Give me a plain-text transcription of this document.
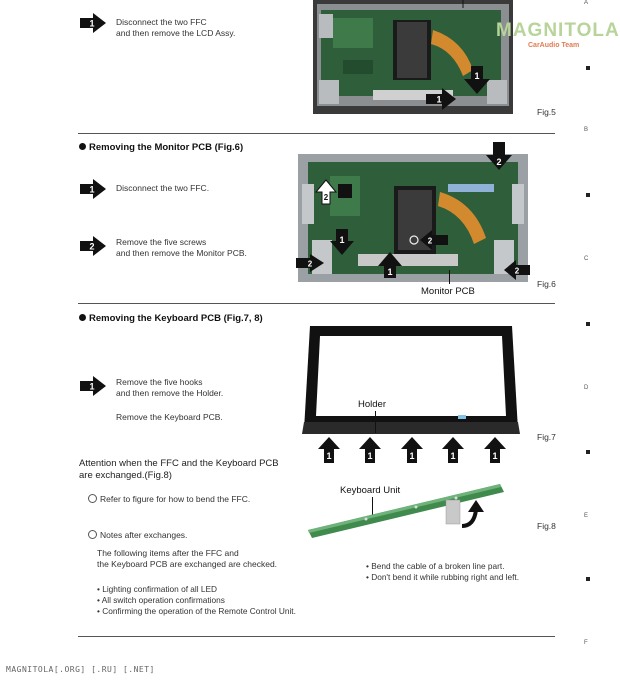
A
B
C
D
E
F
1	Disconnect the two FFC
and then remove the LCD Assy.	MAGNITOLA
CarAudio Team
1
1
Fig.5
Removing the Monitor PCB (Fig.6)
1	Disconnect the two FFC.
2	Remove the five screws
and then remove the Monitor PCB.
2
2
1
1
2
2
2
Monitor PCB
Fig.6
Removing the Keyboard PCB (Fig.7, 8)
1	Remove the five hooks
and then remove the Holder.
Remove the Keyboard PCB.
Holder
1	1	1	1	1
Fig.7
Attention when the FFC and the Keyboard PCB
are exchanged.(Fig.8)
Refer to figure for how to bend the FFC.
Notes after exchanges.
The following items after the FFC and
the Keyboard PCB are exchanged are checked.
• Lighting confirmation of all LED
• All switch operation confirmations
• Confirming the operation of the Remote Control Unit.
Keyboard Unit
Fig.8
• Bend the cable of a broken line part.
• Don't bend it while rubbing right and left.
MAGNITOLA[.ORG] [.RU] [.NET]
